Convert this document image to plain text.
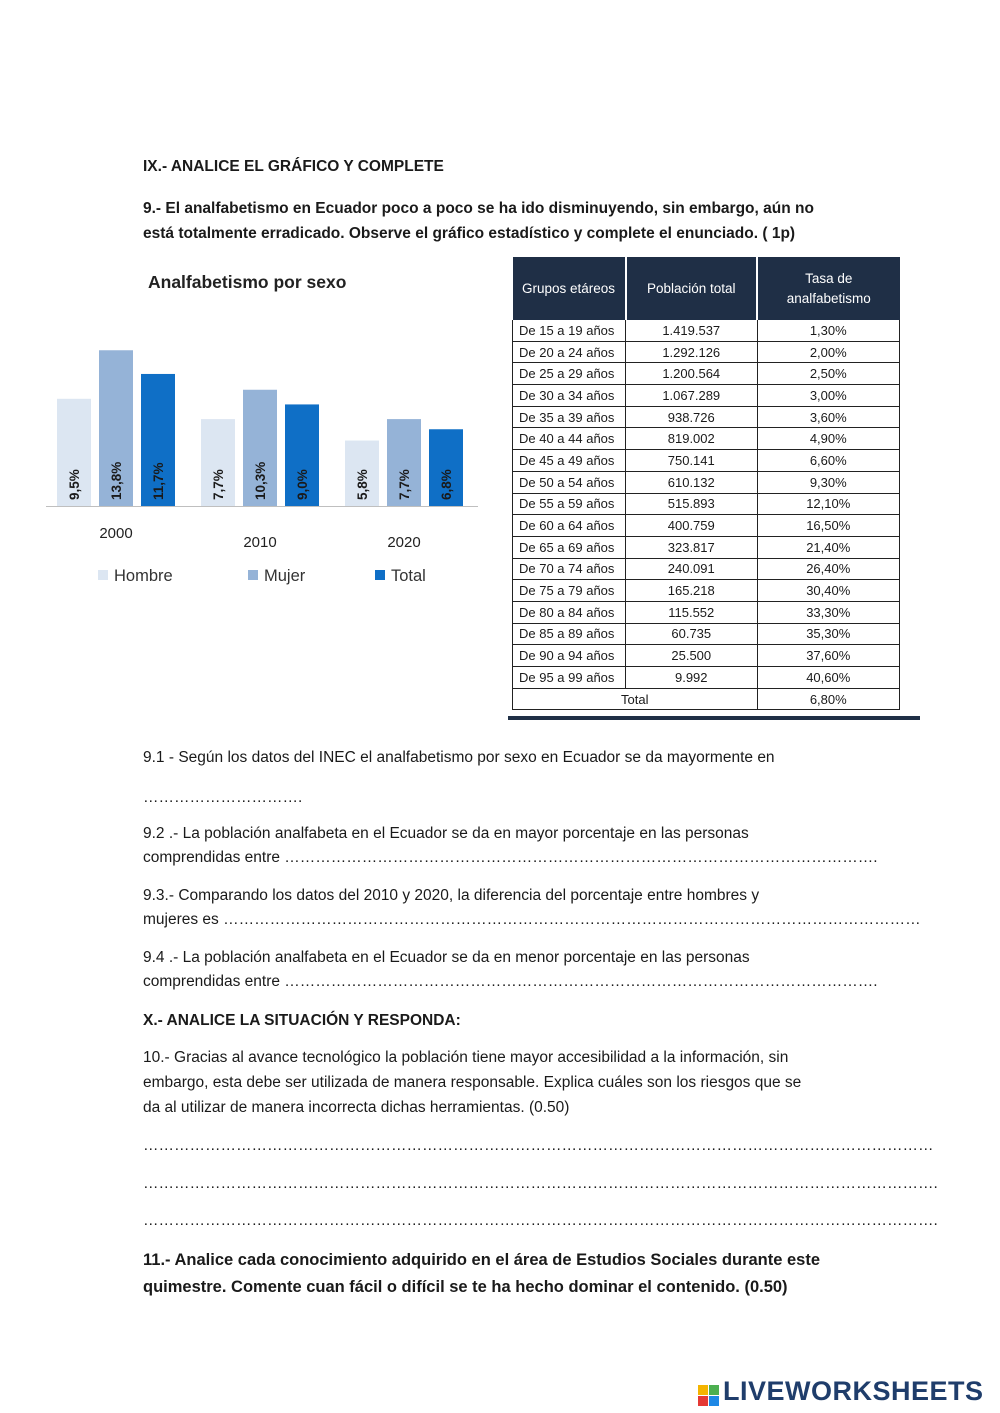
IX.- ANALICE EL GRÁFICO Y COMPLETE
9.- El analfabetismo en Ecuador poco a poco se ha ido disminuyendo, sin embargo, aún no
está totalmente erradicado. Observe el gráfico estadístico y complete el enunciado. ( 1p)
Analfabetismo por sexo
9,5% 13,8% 11,7%
2000
7,7% 10,3% 9,0%
2010
5,8% 7,7% 6,8%
2020
Hombre	Mujer	Total
Grupos etáreos	Población total	Tasa de analfabetismo
De 15 a 19 años	1.419.537	1,30%
De 20 a 24 años	1.292.126	2,00%
De 25 a 29 años	1.200.564	2,50%
De 30 a 34 años	1.067.289	3,00%
De 35 a 39 años	938.726	3,60%
De 40 a 44 años	819.002	4,90%
De 45 a 49 años	750.141	6,60%
De 50 a 54 años	610.132	9,30%
De 55 a 59 años	515.893	12,10%
De 60 a 64 años	400.759	16,50%
De 65 a 69 años	323.817	21,40%
De 70 a 74 años	240.091	26,40%
De 75 a 79 años	165.218	30,40%
De 80 a 84 años	115.552	33,30%
De 85 a 89 años	60.735	35,30%
De 90 a 94 años	25.500	37,60%
De 95 a 99 años	9.992	40,60%
Total		6,80%
9.1 - Según los datos del INEC el analfabetismo por sexo en Ecuador se da mayormente en
………………………….
9.2 .- La población analfabeta en el Ecuador se da en mayor porcentaje en las personas
comprendidas entre …………………………………………………………………………………………………….
9.3.- Comparando los datos del 2010 y 2020, la diferencia del porcentaje entre hombres y
mujeres es ………………………………………………………………………………………………………………………
9.4 .- La población analfabeta en el Ecuador se da en menor porcentaje en las personas
comprendidas entre …………………………………………………………………………………………………….
X.- ANALICE LA SITUACIÓN Y RESPONDA:
10.- Gracias al avance tecnológico la población tiene mayor accesibilidad a la información, sin
embargo, esta debe ser utilizada de manera responsable. Explica cuáles son los riesgos que se
da al utilizar de manera incorrecta dichas herramientas. (0.50)
………………………………………………………………………………………………………………………………………
……………………………………………………………………………………………………………………………………….
……………………………………………………………………………………………………………………………………….
11.- Analice cada conocimiento adquirido en el área de Estudios Sociales durante este
quimestre. Comente cuan fácil o difícil se te ha hecho dominar el contenido. (0.50)
LIVEWORKSHEETS
